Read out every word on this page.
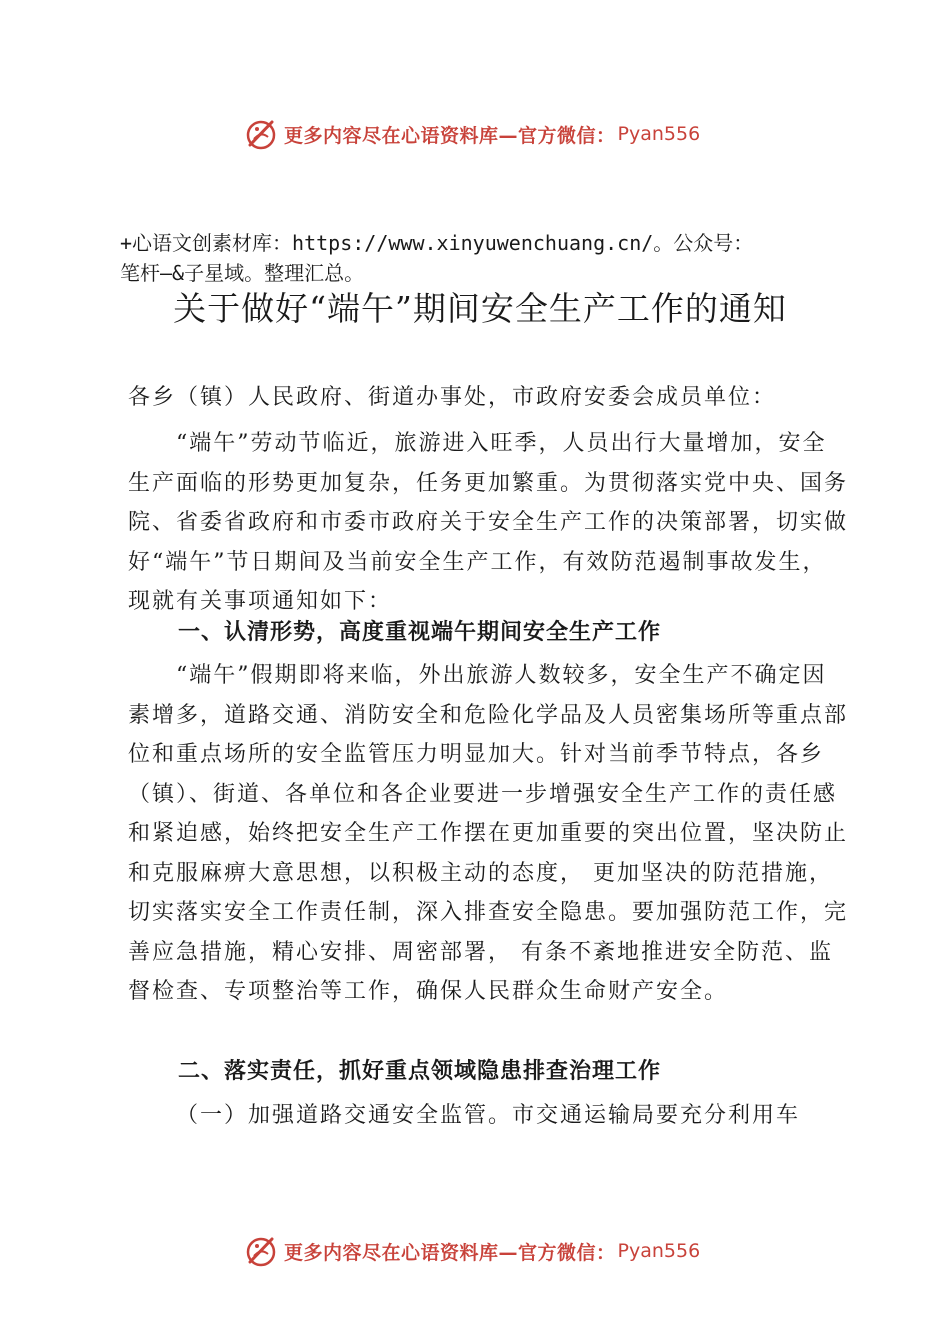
更多内容尽在心语资料库—官方微信： Pyan556

+心语文创素材库：https://www.xinyuwenchuang.cn/。公众号：

笔杆—&子星域。整理汇总。

关于做好“端午”期间安全生产工作的通知

各乡（镇）人民政府、街道办事处，市政府安委会成员单位：

“端午”劳动节临近，旅游进入旺季，人员出行大量增加，安全生产面临的形势更加复杂，任务更加繁重。为贯彻落实党中央、国务院、省委省政府和市委市政府关于安全生产工作的决策部署，切实做好“端午”节日期间及当前安全生产工作，有效防范遏制事故发生，现就有关事项通知如下：

一、认清形势，高度重视端午期间安全生产工作

“端午”假期即将来临，外出旅游人数较多，安全生产不确定因素增多，道路交通、消防安全和危险化学品及人员密集场所等重点部位和重点场所的安全监管压力明显加大。针对当前季节特点，各乡（镇）、街道、各单位和各企业要进一步增强安全生产工作的责任感和紧迫感，始终把安全生产工作摆在更加重要的突出位置，坚决防止和克服麻痹大意思想，以积极主动的态度， 更加坚决的防范措施，切实落实安全工作责任制，深入排查安全隐患。要加强防范工作，完善应急措施，精心安排、周密部署， 有条不紊地推进安全防范、监督检查、专项整治等工作，确保人民群众生命财产安全。

二、落实责任，抓好重点领域隐患排查治理工作

（一）加强道路交通安全监管。市交通运输局要充分利用车

更多内容尽在心语资料库—官方微信： Pyan556
